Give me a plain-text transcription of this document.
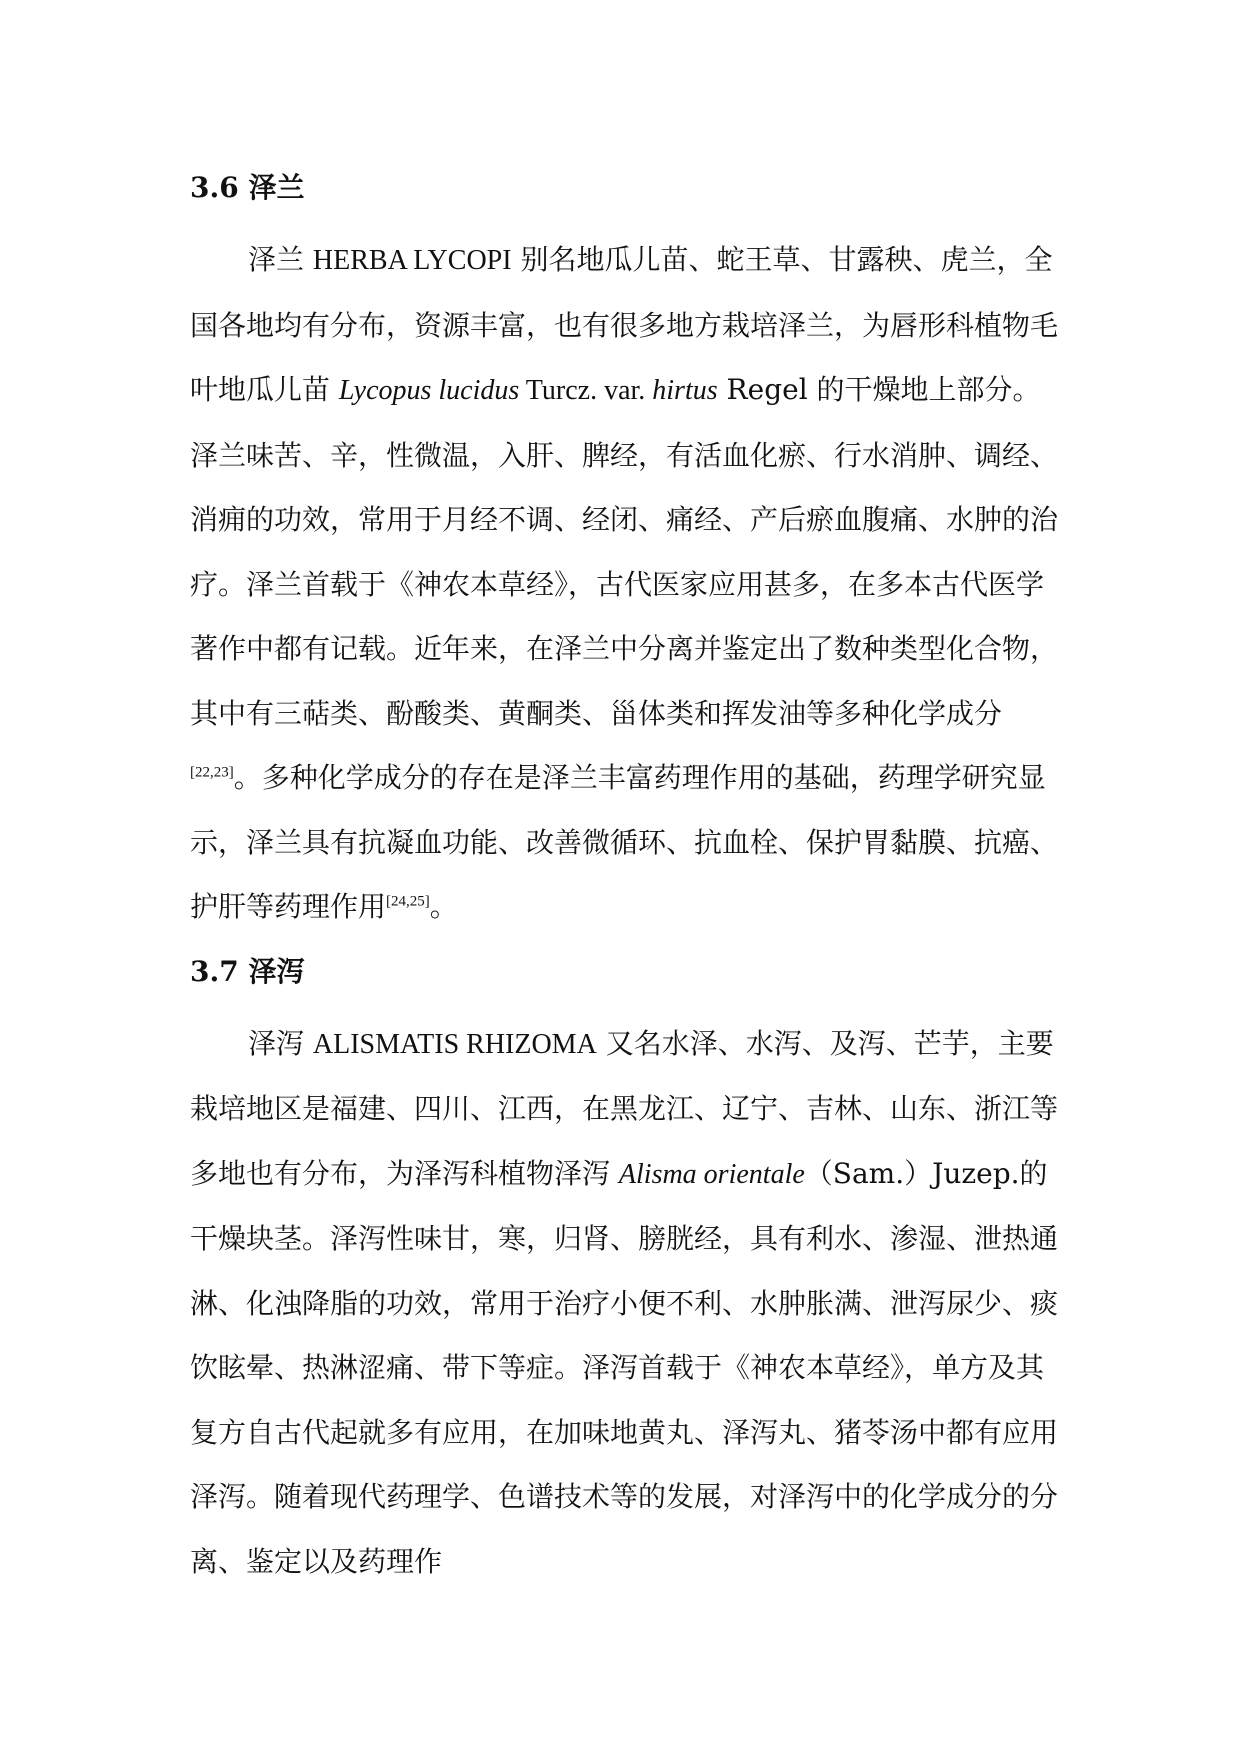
3.6 泽兰

泽兰 HERBA LYCOPI 别名地瓜儿苗、蛇王草、甘露秧、虎兰，全国各地均有分布，资源丰富，也有很多地方栽培泽兰，为唇形科植物毛叶地瓜儿苗 Lycopus lucidus Turcz. var. hirtus Regel 的干燥地上部分。泽兰味苦、辛，性微温，入肝、脾经，有活血化瘀、行水消肿、调经、消痈的功效，常用于月经不调、经闭、痛经、产后瘀血腹痛、水肿的治疗。泽兰首载于《神农本草经》，古代医家应用甚多，在多本古代医学著作中都有记载。近年来，在泽兰中分离并鉴定出了数种类型化合物，其中有三萜类、酚酸类、黄酮类、甾体类和挥发油等多种化学成分[22,23]。多种化学成分的存在是泽兰丰富药理作用的基础，药理学研究显示，泽兰具有抗凝血功能、改善微循环、抗血栓、保护胃黏膜、抗癌、护肝等药理作用[24,25]。

3.7 泽泻

泽泻 ALISMATIS RHIZOMA 又名水泽、水泻、及泻、芒芋，主要栽培地区是福建、四川、江西，在黑龙江、辽宁、吉林、山东、浙江等多地也有分布，为泽泻科植物泽泻 Alisma orientale（Sam.）Juzep.的干燥块茎。泽泻性味甘，寒，归肾、膀胱经，具有利水、渗湿、泄热通淋、化浊降脂的功效，常用于治疗小便不利、水肿胀满、泄泻尿少、痰饮眩晕、热淋涩痛、带下等症。泽泻首载于《神农本草经》，单方及其复方自古代起就多有应用，在加味地黄丸、泽泻丸、猪苓汤中都有应用泽泻。随着现代药理学、色谱技术等的发展，对泽泻中的化学成分的分离、鉴定以及药理作
